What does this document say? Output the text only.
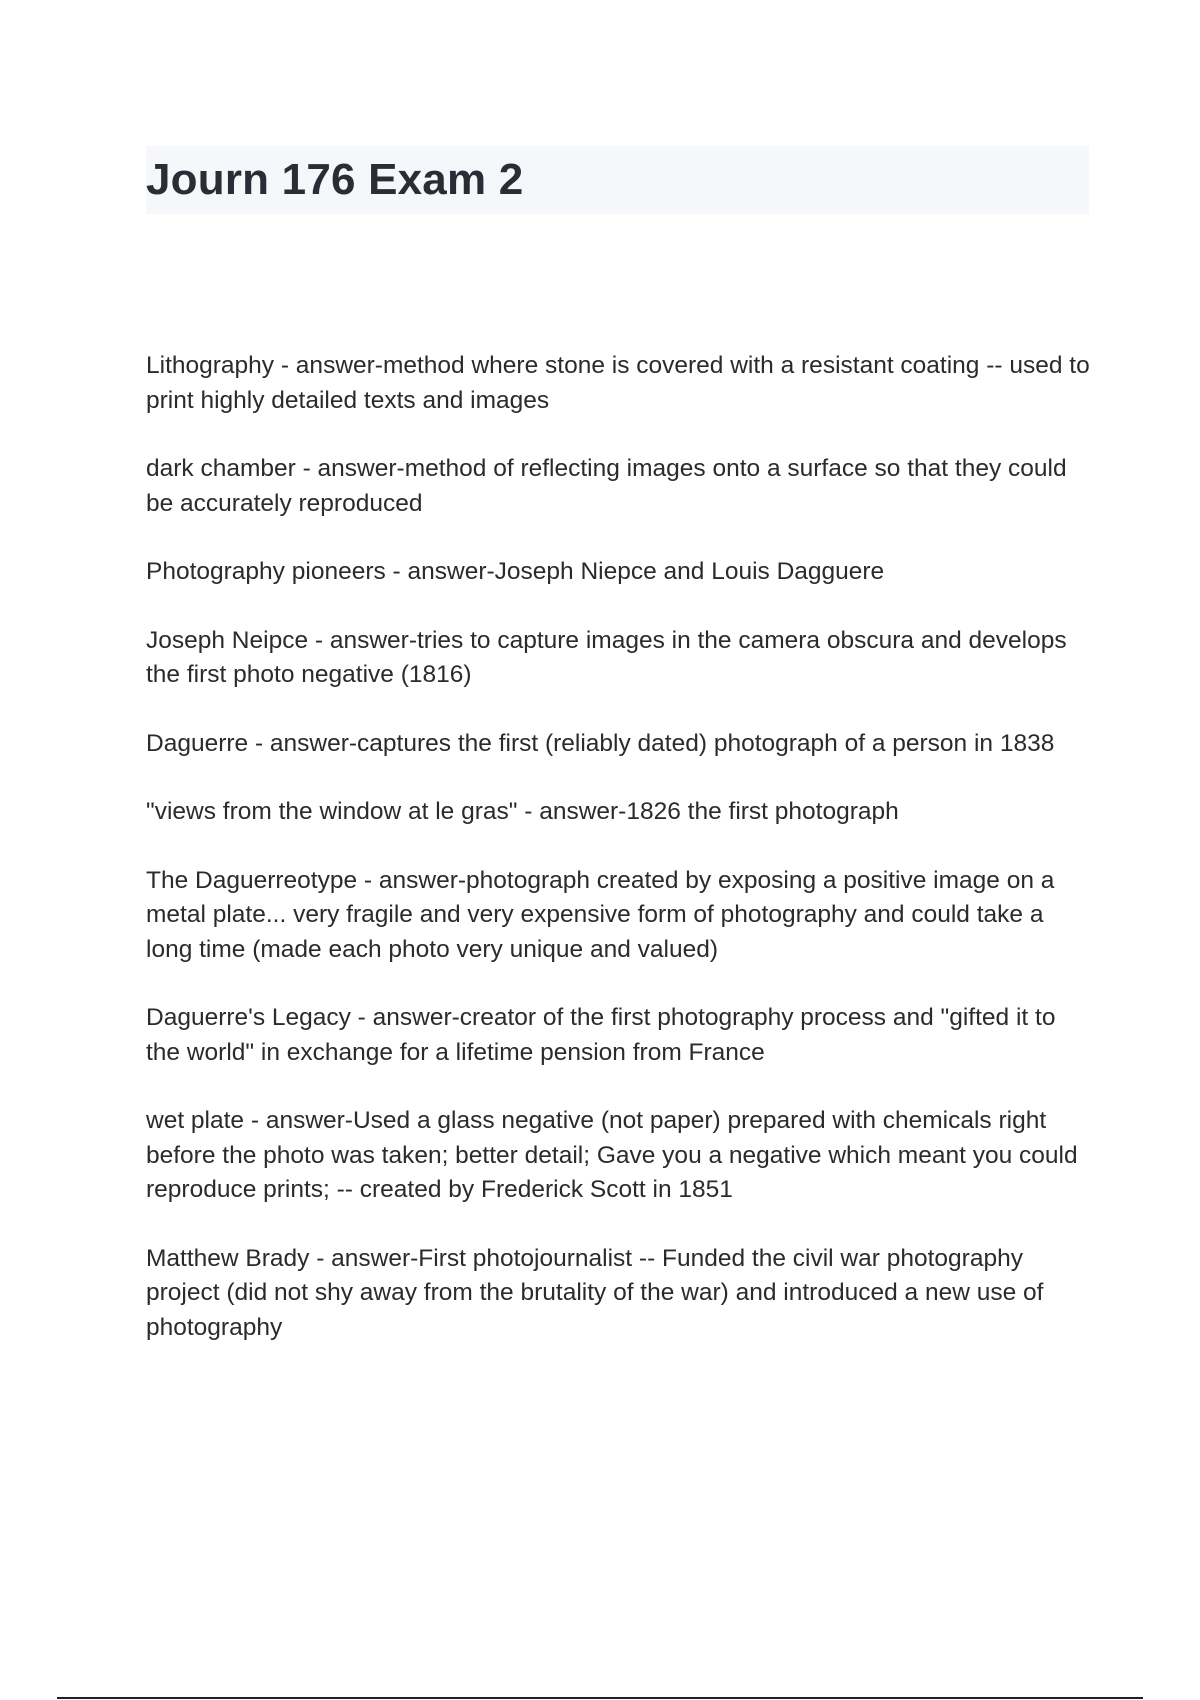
Journ 176 Exam 2

Lithography - answer-method where stone is covered with a resistant coating -- used to print highly detailed texts and images

dark chamber - answer-method of reflecting images onto a surface so that they could be accurately reproduced

Photography pioneers - answer-Joseph Niepce and Louis Dagguere

Joseph Neipce - answer-tries to capture images in the camera obscura and develops the first photo negative (1816)

Daguerre - answer-captures the first (reliably dated) photograph of a person in 1838

"views from the window at le gras" - answer-1826 the first photograph

The Daguerreotype - answer-photograph created by exposing a positive image on a metal plate... very fragile and very expensive form of photography and could take a long time (made each photo very unique and valued)

Daguerre's Legacy - answer-creator of the first photography process and "gifted it to the world" in exchange for a lifetime pension from France

wet plate - answer-Used a glass negative (not paper) prepared with chemicals right before the photo was taken; better detail; Gave you a negative which meant you could reproduce prints; -- created by Frederick Scott in 1851

Matthew Brady - answer-First photojournalist -- Funded the civil war photography project (did not shy away from the brutality of the war) and introduced a new use of photography
